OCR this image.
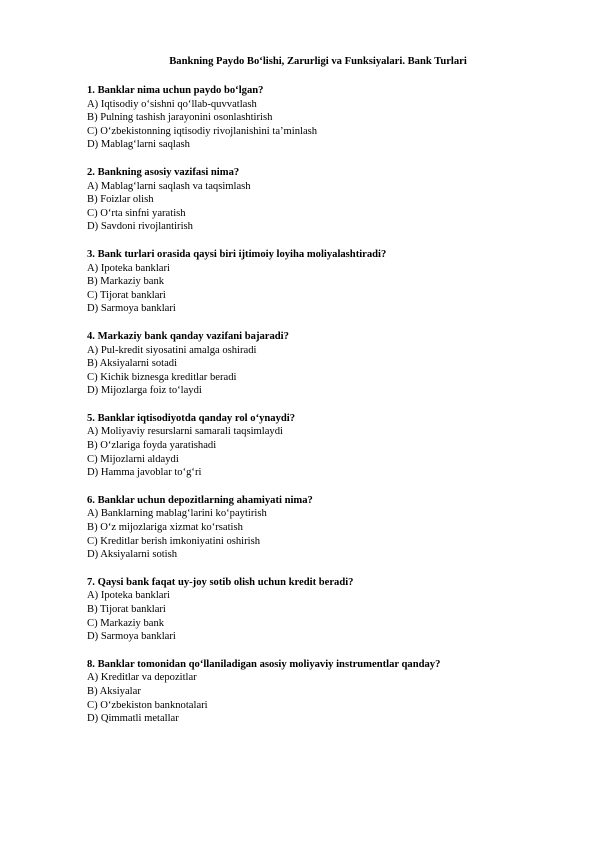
Bankning Paydo Bo‘lishi, Zarurligi va Funksiyalari. Bank Turlari
1. Banklar nima uchun paydo bo‘lgan?
A) Iqtisodiy o‘sishni qo‘llab-quvvatlash
B) Pulning tashish jarayonini osonlashtirish
C) O‘zbekistonning iqtisodiy rivojlanishini ta’minlash
D) Mablag‘larni saqlash
2. Bankning asosiy vazifasi nima?
A) Mablag‘larni saqlash va taqsimlash
B) Foizlar olish
C) O‘rta sinfni yaratish
D) Savdoni rivojlantirish
3. Bank turlari orasida qaysi biri ijtimoiy loyiha moliyalashtiradi?
A) Ipoteka banklari
B) Markaziy bank
C) Tijorat banklari
D) Sarmoya banklari
4. Markaziy bank qanday vazifani bajaradi?
A) Pul-kredit siyosatini amalga oshiradi
B) Aksiyalarni sotadi
C) Kichik biznesga kreditlar beradi
D) Mijozlarga foiz to‘laydi
5. Banklar iqtisodiyotda qanday rol o‘ynaydi?
A) Moliyaviy resurslarni samarali taqsimlaydi
B) O‘zlariga foyda yaratishadi
C) Mijozlarni aldaydi
D) Hamma javoblar to‘g‘ri
6. Banklar uchun depozitlarning ahamiyati nima?
A) Banklarning mablag‘larini ko‘paytirish
B) O‘z mijozlariga xizmat ko‘rsatish
C) Kreditlar berish imkoniyatini oshirish
D) Aksiyalarni sotish
7. Qaysi bank faqat uy-joy sotib olish uchun kredit beradi?
A) Ipoteka banklari
B) Tijorat banklari
C) Markaziy bank
D) Sarmoya banklari
8. Banklar tomonidan qo‘llaniladigan asosiy moliyaviy instrumentlar qanday?
A) Kreditlar va depozitlar
B) Aksiyalar
C) O‘zbekiston banknotalari
D) Qimmatli metallar
